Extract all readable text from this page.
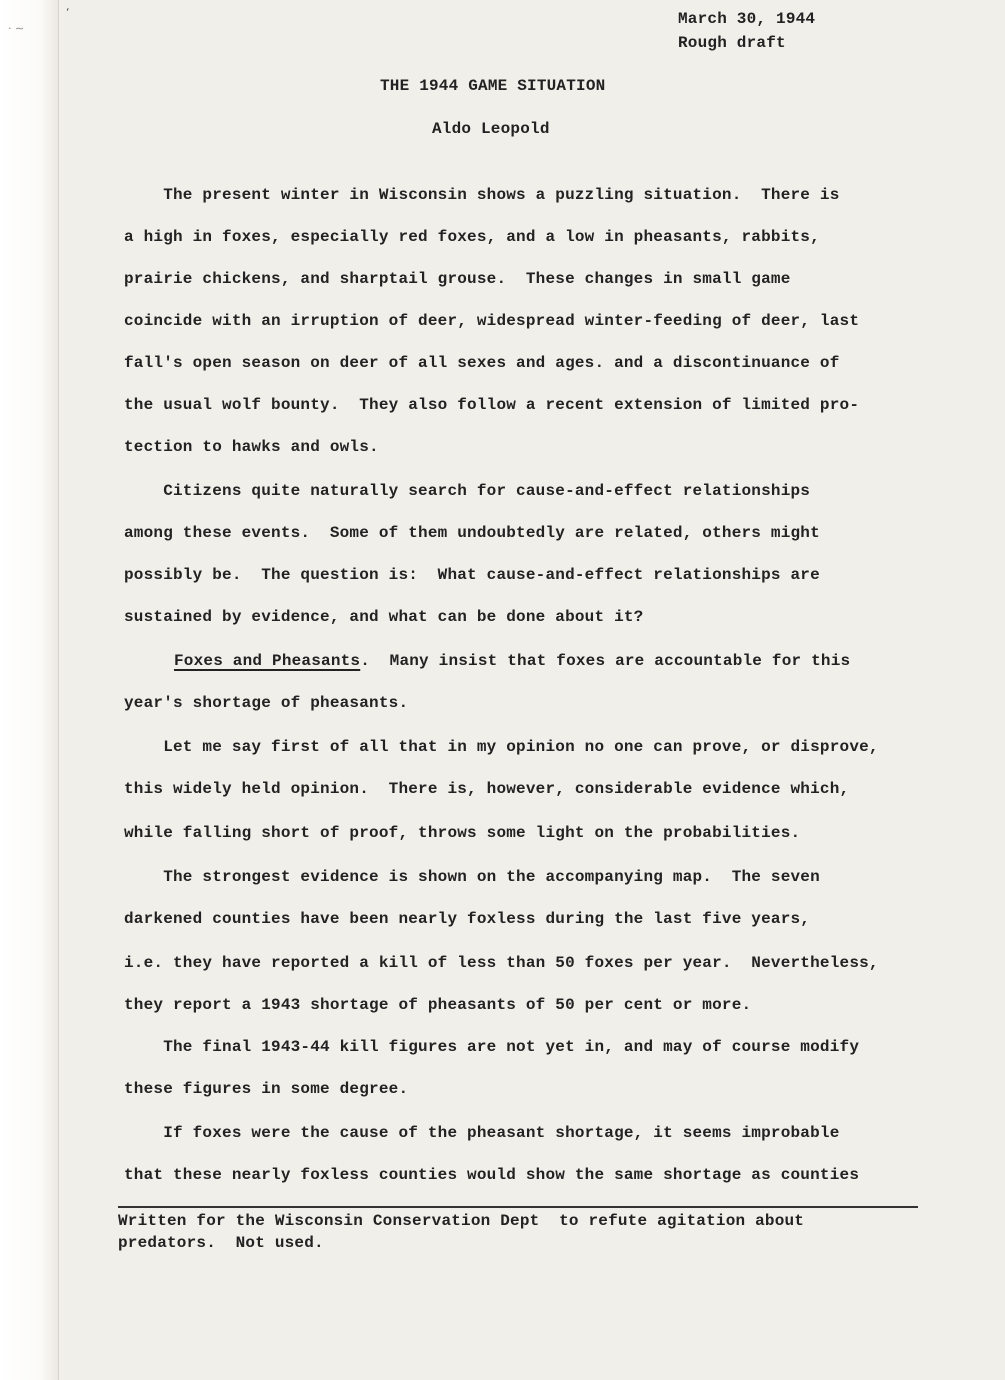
· ∼
‘	March 30, 1944
Rough draft
THE 1944 GAME SITUATION
Aldo Leopold
The present winter in Wisconsin shows a puzzling situation.  There is
a high in foxes, especially red foxes, and a low in pheasants, rabbits,
prairie chickens, and sharptail grouse.  These changes in small game
coincide with an irruption of deer, widespread winter-feeding of deer, last
fall's open season on deer of all sexes and ages. and a discontinuance of
the usual wolf bounty.  They also follow a recent extension of limited pro-
tection to hawks and owls.
Citizens quite naturally search for cause-and-effect relationships
among these events.  Some of them undoubtedly are related, others might
possibly be.  The question is:  What cause-and-effect relationships are
sustained by evidence, and what can be done about it?
Foxes and Pheasants.  Many insist that foxes are accountable for this
year's shortage of pheasants.
Let me say first of all that in my opinion no one can prove, or disprove,
this widely held opinion.  There is, however, considerable evidence which,
while falling short of proof, throws some light on the probabilities.
The strongest evidence is shown on the accompanying map.  The seven
darkened counties have been nearly foxless during the last five years,
i.e. they have reported a kill of less than 50 foxes per year.  Nevertheless,
they report a 1943 shortage of pheasants of 50 per cent or more.
The final 1943-44 kill figures are not yet in, and may of course modify
these figures in some degree.
If foxes were the cause of the pheasant shortage, it seems improbable
that these nearly foxless counties would show the same shortage as counties
Written for the Wisconsin Conservation Dept  to refute agitation about
predators.  Not used.
